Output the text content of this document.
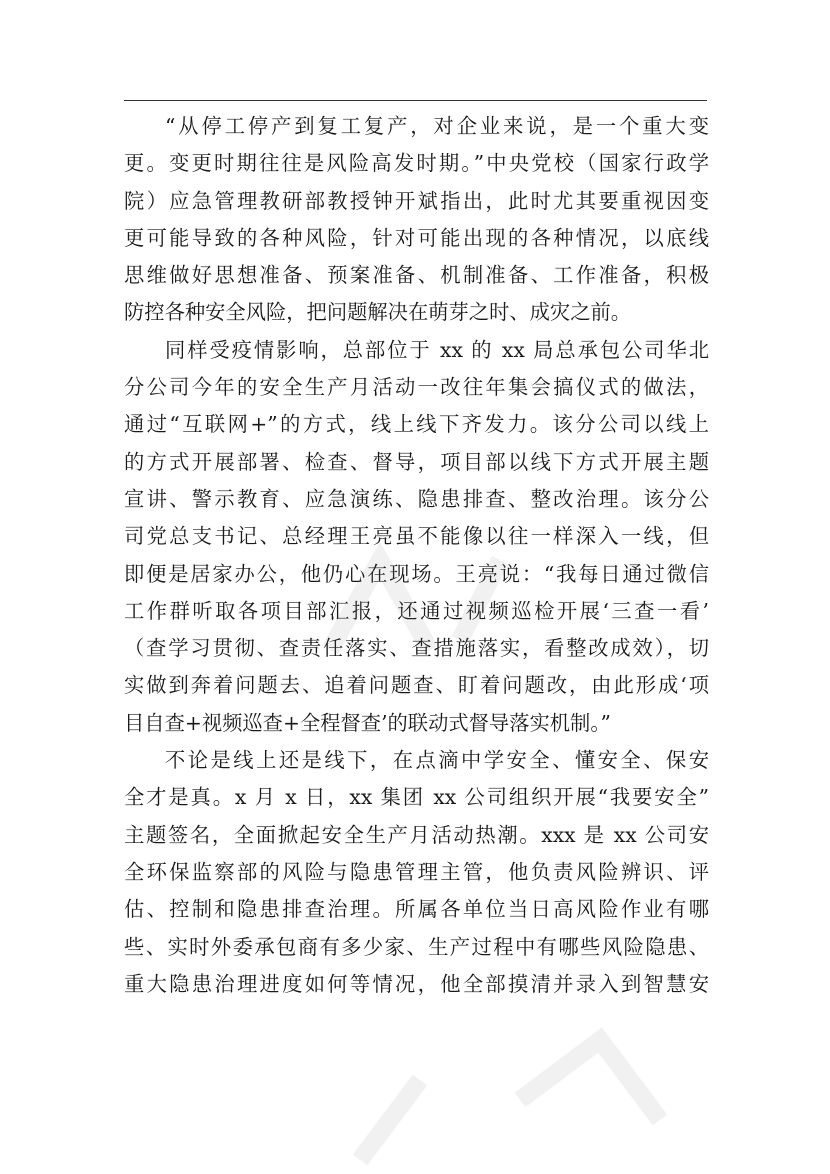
“从停工停产到复工复产，对企业来说，是一个重大变
更。变更时期往往是风险高发时期。”中央党校（国家行政学
院）应急管理教研部教授钟开斌指出，此时尤其要重视因变
更可能导致的各种风险，针对可能出现的各种情况，以底线
思维做好思想准备、预案准备、机制准备、工作准备，积极
防控各种安全风险，把问题解决在萌芽之时、成灾之前。
同样受疫情影响，总部位于 xx 的 xx 局总承包公司华北
分公司今年的安全生产月活动一改往年集会搞仪式的做法，
通过“互联网+”的方式，线上线下齐发力。该分公司以线上
的方式开展部署、检查、督导，项目部以线下方式开展主题
宣讲、警示教育、应急演练、隐患排查、整改治理。该分公
司党总支书记、总经理王亮虽不能像以往一样深入一线，但
即便是居家办公，他仍心在现场。王亮说：“我每日通过微信
工作群听取各项目部汇报，还通过视频巡检开展‘三查一看’
（查学习贯彻、查责任落实、查措施落实，看整改成效），切
实做到奔着问题去、追着问题查、盯着问题改，由此形成‘项
目自查+视频巡查+全程督查’的联动式督导落实机制。”
不论是线上还是线下，在点滴中学安全、懂安全、保安
全才是真。x 月 x 日，xx 集团 xx 公司组织开展“我要安全”
主题签名，全面掀起安全生产月活动热潮。xxx 是 xx 公司安
全环保监察部的风险与隐患管理主管，他负责风险辨识、评
估、控制和隐患排查治理。所属各单位当日高风险作业有哪
些、实时外委承包商有多少家、生产过程中有哪些风险隐患、
重大隐患治理进度如何等情况，他全部摸清并录入到智慧安
